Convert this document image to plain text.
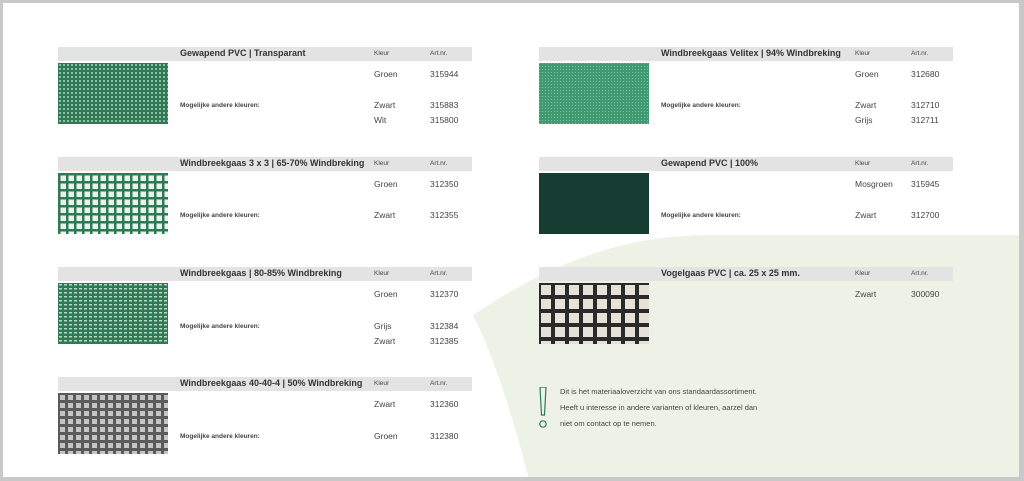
Gewapend PVC | Transparant	Kleur	Art.nr.
Groen	315944
Mogelijke andere kleuren:	Zwart	315883
Wit	315800
Windbreekgaas 3 x 3 | 65-70% Windbreking Kleur	Art.nr.
Groen	312350
Mogelijke andere kleuren:	Zwart	312355
Windbreekgaas | 80-85% Windbreking	Kleur	Art.nr.
Groen	312370
Mogelijke andere kleuren:	Grijs	312384
Zwart	312385
Windbreekgaas 40-40-4 | 50% Windbreking Kleur	Art.nr.
Zwart	312360
Mogelijke andere kleuren:	Groen	312380
Windbreekgaas Velitex | 94% Windbreking Kleur	Art.nr.
Groen	312680
Mogelijke andere kleuren:	Zwart	312710
Grijs	312711
Gewapend PVC | 100%	Kleur	Art.nr.
Mosgroen 315945
Mogelijke andere kleuren:	Zwart	312700
Vogelgaas PVC | ca. 25 x 25 mm.	Kleur	Art.nr.
Zwart	300090
Dit is het materiaaloverzicht van ons standaardassortiment.
Heeft u interesse in andere varianten of kleuren, aarzel dan
niet om contact op te nemen.
